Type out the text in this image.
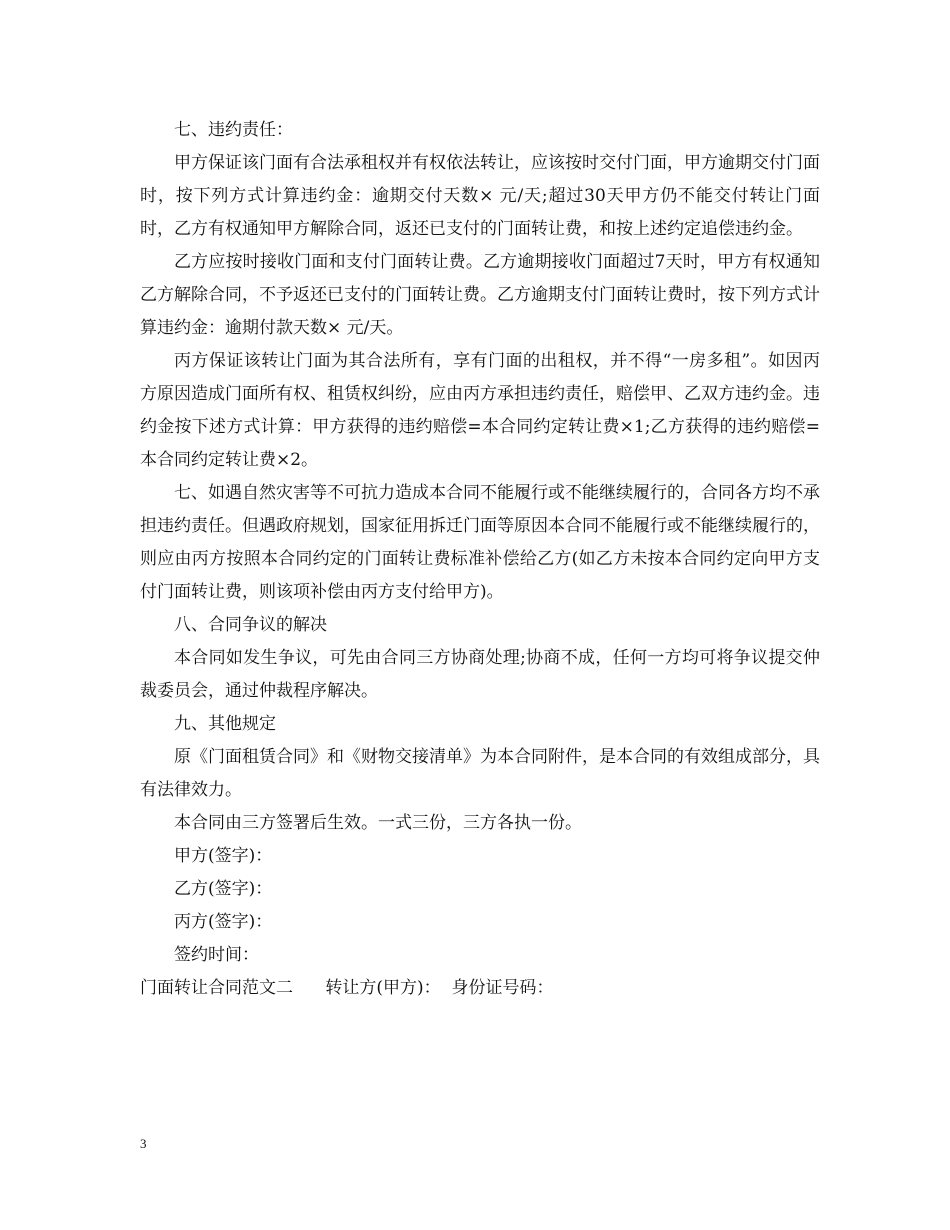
七、违约责任：

甲方保证该门面有合法承租权并有权依法转让，应该按时交付门面，甲方逾期交付门面时，按下列方式计算违约金：逾期交付天数× 元/天;超过30天甲方仍不能交付转让门面时，乙方有权通知甲方解除合同，返还已支付的门面转让费，和按上述约定追偿违约金。

乙方应按时接收门面和支付门面转让费。乙方逾期接收门面超过7天时，甲方有权通知乙方解除合同，不予返还已支付的门面转让费。乙方逾期支付门面转让费时，按下列方式计算违约金：逾期付款天数× 元/天。

丙方保证该转让门面为其合法所有，享有门面的出租权，并不得“一房多租”。如因丙方原因造成门面所有权、租赁权纠纷，应由丙方承担违约责任，赔偿甲、乙双方违约金。违约金按下述方式计算：甲方获得的违约赔偿=本合同约定转让费×1;乙方获得的违约赔偿=本合同约定转让费×2。

七、如遇自然灾害等不可抗力造成本合同不能履行或不能继续履行的，合同各方均不承担违约责任。但遇政府规划，国家征用拆迁门面等原因本合同不能履行或不能继续履行的，则应由丙方按照本合同约定的门面转让费标准补偿给乙方(如乙方未按本合同约定向甲方支付门面转让费，则该项补偿由丙方支付给甲方)。

八、合同争议的解决

本合同如发生争议，可先由合同三方协商处理;协商不成，任何一方均可将争议提交仲裁委员会，通过仲裁程序解决。

九、其他规定

原《门面租赁合同》和《财物交接清单》为本合同附件，是本合同的有效组成部分，具有法律效力。

本合同由三方签署后生效。一式三份，三方各执一份。

甲方(签字)：

乙方(签字)：

丙方(签字)：

签约时间：

门面转让合同范文二      转让方(甲方)：  身份证号码：

3
